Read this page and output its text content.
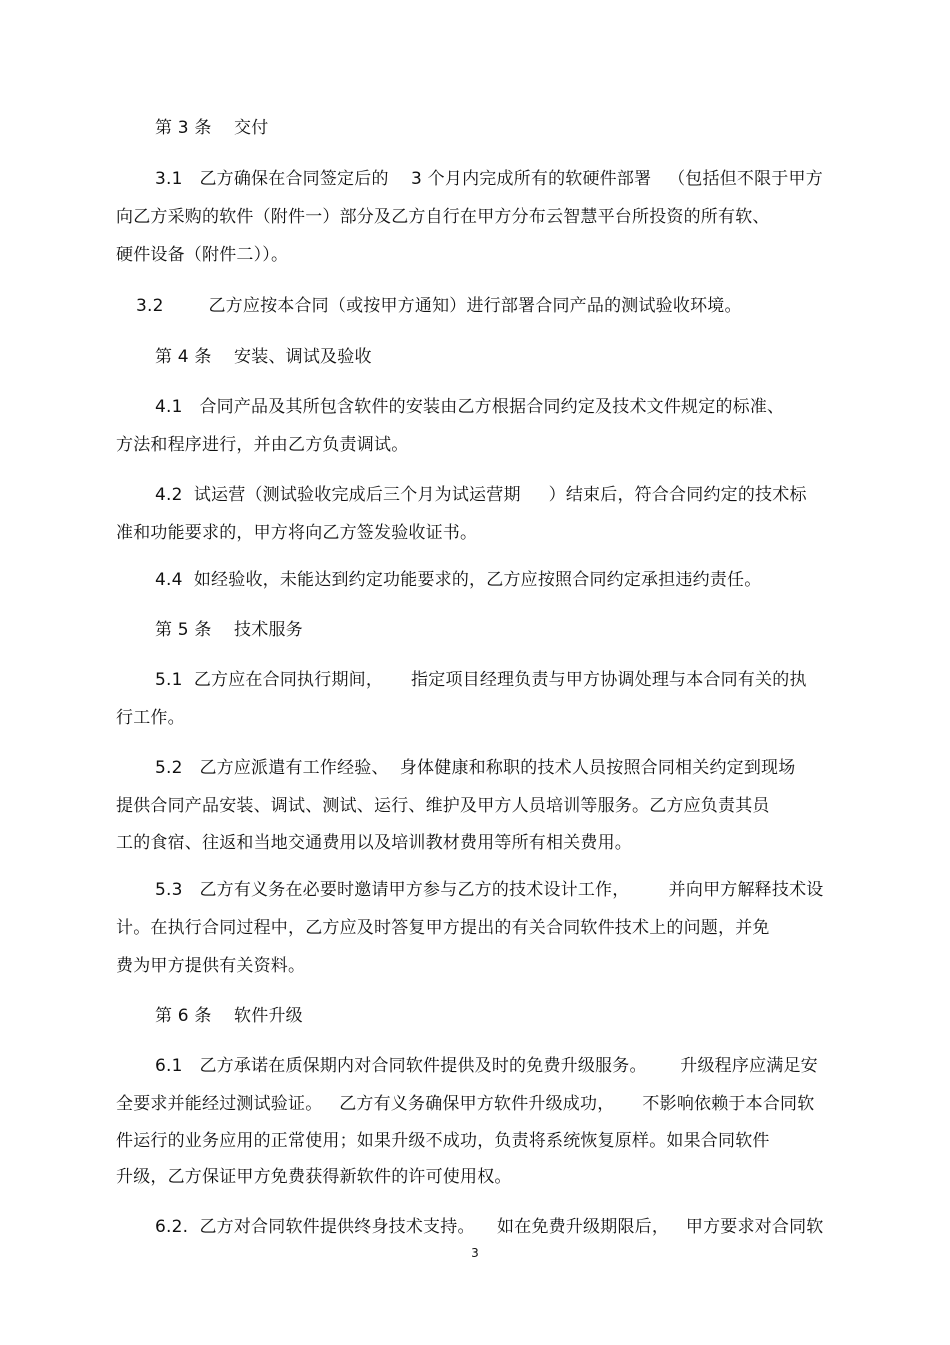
第 3 条    交付
3.1   乙方确保在合同签定后的    3 个月内完成所有的软硬件部署   （包括但不限于甲方
向乙方采购的软件（附件一）部分及乙方自行在甲方分布云智慧平台所投资的所有软、
硬件设备（附件二））。
3.2        乙方应按本合同（或按甲方通知）进行部署合同产品的测试验收环境。
第 4 条    安装、调试及验收
4.1   合同产品及其所包含软件的安装由乙方根据合同约定及技术文件规定的标准、
方法和程序进行，并由乙方负责调试。
4.2  试运营（测试验收完成后三个月为试运营期     ）结束后，符合合同约定的技术标
准和功能要求的，甲方将向乙方签发验收证书。
4.4  如经验收，未能达到约定功能要求的，乙方应按照合同约定承担违约责任。
第 5 条    技术服务
5.1  乙方应在合同执行期间，     指定项目经理负责与甲方协调处理与本合同有关的执
行工作。
5.2   乙方应派遣有工作经验、  身体健康和称职的技术人员按照合同相关约定到现场
提供合同产品安装、调试、测试、运行、维护及甲方人员培训等服务。乙方应负责其员
工的食宿、往返和当地交通费用以及培训教材费用等所有相关费用。
5.3   乙方有义务在必要时邀请甲方参与乙方的技术设计工作，       并向甲方解释技术设
计。在执行合同过程中，乙方应及时答复甲方提出的有关合同软件技术上的问题，并免
费为甲方提供有关资料。
第 6 条    软件升级
6.1   乙方承诺在质保期内对合同软件提供及时的免费升级服务。      升级程序应满足安
全要求并能经过测试验证。   乙方有义务确保甲方软件升级成功，     不影响依赖于本合同软
件运行的业务应用的正常使用；如果升级不成功，负责将系统恢复原样。如果合同软件
升级，乙方保证甲方免费获得新软件的许可使用权。
6.2.  乙方对合同软件提供终身技术支持。    如在免费升级期限后，   甲方要求对合同软
3
